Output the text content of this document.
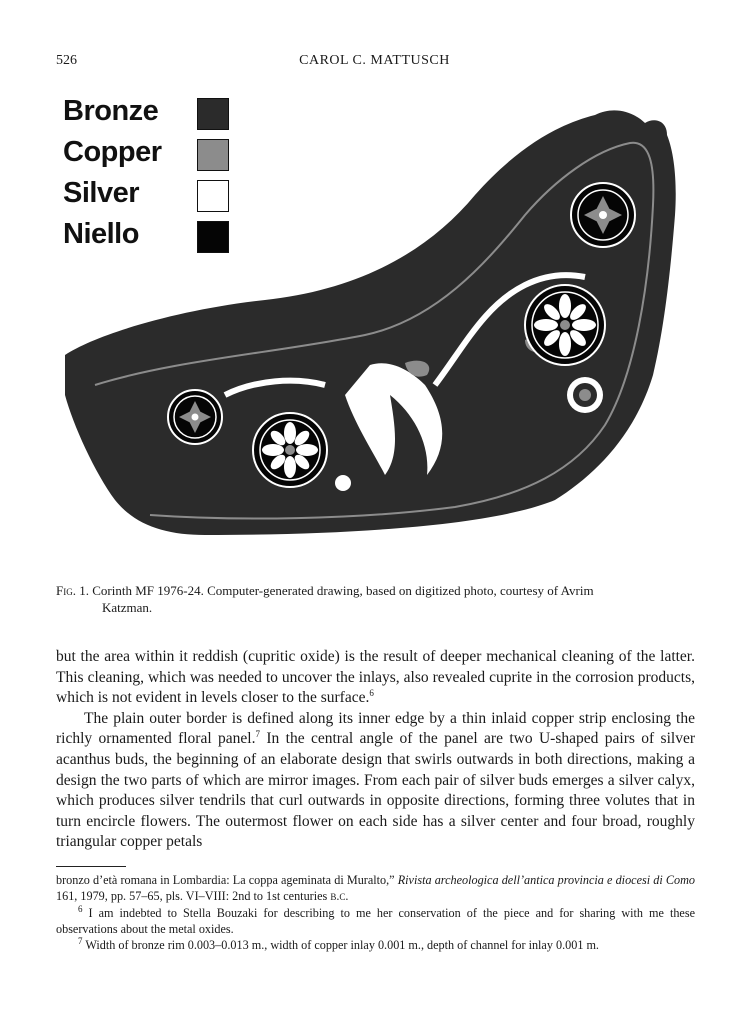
526	CAROL C. MATTUSCH
Bronze
Copper
Silver
Niello
Fig. 1. Corinth MF 1976-24. Computer-generated drawing, based on digitized photo, courtesy of Avrim
Katzman.

but the area within it reddish (cupritic oxide) is the result of deeper mechanical cleaning of the latter. This cleaning, which was needed to uncover the inlays, also revealed cuprite in the corrosion products, which is not evident in levels closer to the surface.$^6$

The plain outer border is defined along its inner edge by a thin inlaid copper strip enclosing the richly ornamented floral panel.$^7$ In the central angle of the panel are two U-shaped pairs of silver acanthus buds, the beginning of an elaborate design that swirls outwards in both directions, making a design the two parts of which are mirror images. From each pair of silver buds emerges a silver calyx, which produces silver tendrils that curl outwards in opposite directions, forming three volutes that in turn encircle flowers. The outermost flower on each side has a silver center and four broad, roughly triangular copper petals

bronzo d’età romana in Lombardia: La coppa ageminata di Muralto,” Rivista archeologica dell’antica provincia e diocesi di Como 161, 1979, pp. 57–65, pls. VI–VIII: 2nd to 1st centuries b.c.

$^6$ I am indebted to Stella Bouzaki for describing to me her conservation of the piece and for sharing with me these observations about the metal oxides.

$^7$ Width of bronze rim 0.003–0.013 m., width of copper inlay 0.001 m., depth of channel for inlay 0.001 m.
